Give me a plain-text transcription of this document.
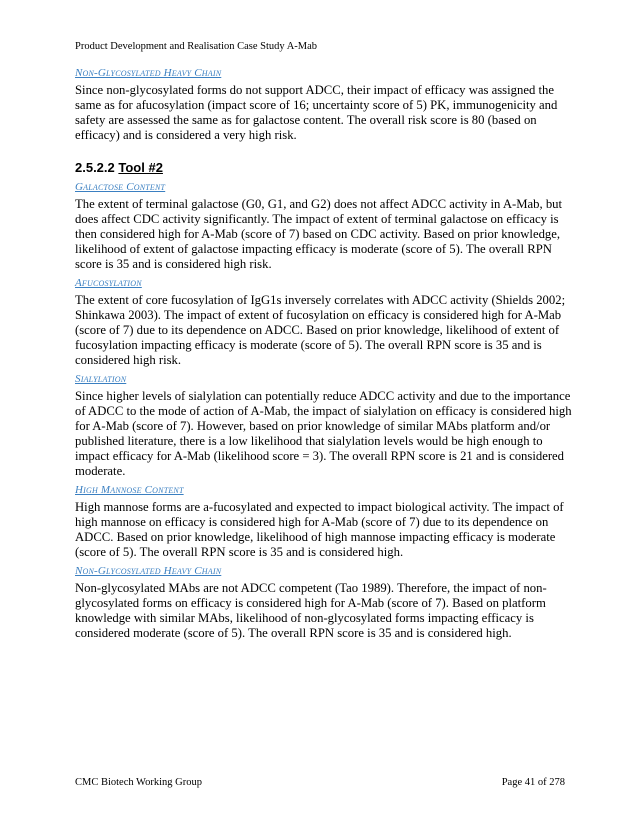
Product Development and Realisation Case Study A-Mab
Non-Glycosylated Heavy Chain

Since non-glycosylated forms do not support ADCC, their impact of efficacy was assigned the same as for afucosylation (impact score of 16; uncertainty score of 5) PK, immunogenicity and safety are assessed the same as for galactose content. The overall risk score is 80 (based on efficacy) and is considered a very high risk.

2.5.2.2 Tool #2
Galactose Content

The extent of terminal galactose (G0, G1, and G2) does not affect ADCC activity in A-Mab, but does affect CDC activity significantly. The impact of extent of terminal galactose on efficacy is then considered high for A-Mab (score of 7) based on CDC activity. Based on prior knowledge, likelihood of extent of galactose impacting efficacy is moderate (score of 5). The overall RPN score is 35 and is considered high risk.

Afucosylation

The extent of core fucosylation of IgG1s inversely correlates with ADCC activity (Shields 2002; Shinkawa 2003). The impact of extent of fucosylation on efficacy is considered high for A-Mab (score of 7) due to its dependence on ADCC. Based on prior knowledge, likelihood of extent of fucosylation impacting efficacy is moderate (score of 5). The overall RPN score is 35 and is considered high risk.

Sialylation

Since higher levels of sialylation can potentially reduce ADCC activity and due to the importance of ADCC to the mode of action of A-Mab, the impact of sialylation on efficacy is considered high for A-Mab (score of 7). However, based on prior knowledge of similar MAbs platform and/or published literature, there is a low likelihood that sialylation levels would be high enough to impact efficacy for A-Mab (likelihood score = 3). The overall RPN score is 21 and is considered moderate.

High Mannose Content

High mannose forms are a-fucosylated and expected to impact biological activity. The impact of high mannose on efficacy is considered high for A-Mab (score of 7) due to its dependence on ADCC. Based on prior knowledge, likelihood of high mannose impacting efficacy is moderate (score of 5). The overall RPN score is 35 and is considered high.

Non-Glycosylated Heavy Chain

Non-glycosylated MAbs are not ADCC competent (Tao 1989). Therefore, the impact of non-glycosylated forms on efficacy is considered high for A-Mab (score of 7). Based on platform knowledge with similar MAbs, likelihood of non-glycosylated forms impacting efficacy is considered moderate (score of 5). The overall RPN score is 35 and is considered high.

CMC Biotech Working Group	Page 41 of 278
